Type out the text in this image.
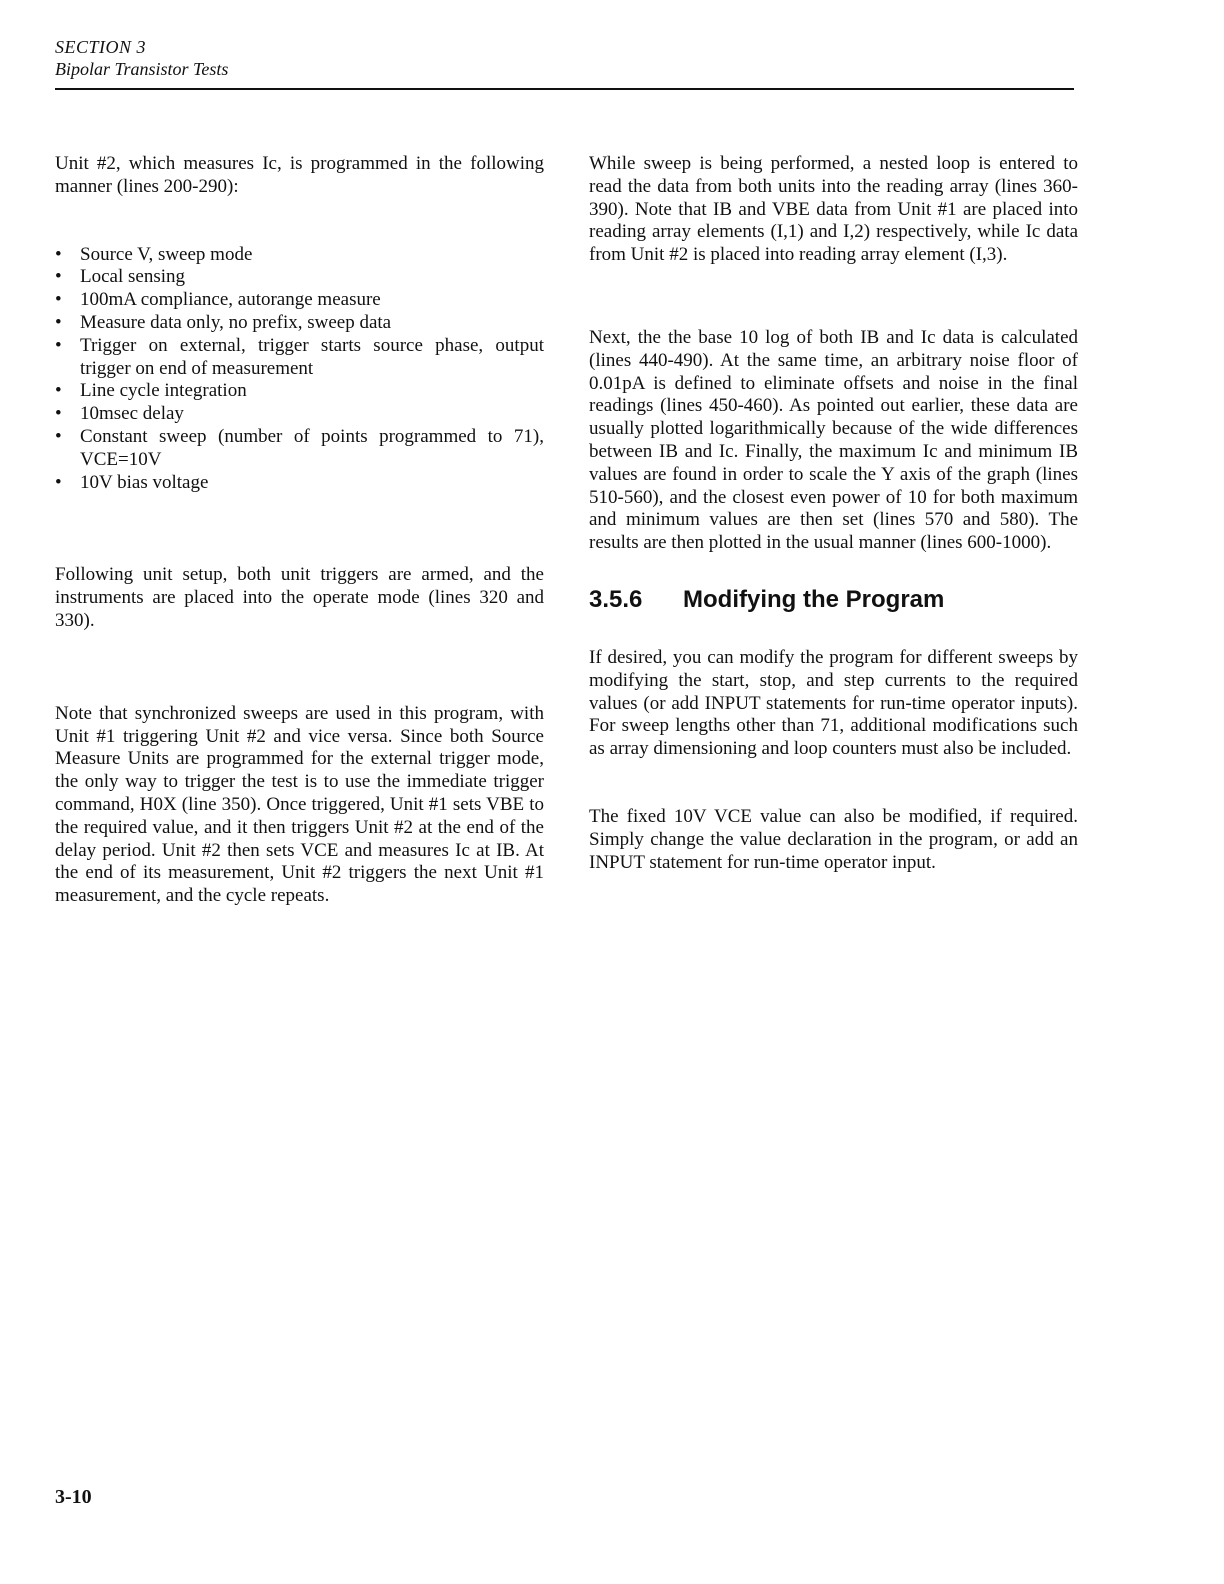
SECTION 3
Bipolar Transistor Tests

Unit #2, which measures Ic, is programmed in the following manner (lines 200-290):

• Source V, sweep mode
• Local sensing
• 100mA compliance, autorange measure
• Measure data only, no prefix, sweep data
• Trigger on external, trigger starts source phase, output trigger on end of measurement
• Line cycle integration
• 10msec delay
• Constant sweep (number of points programmed to 71), VCE=10V
• 10V bias voltage

Following unit setup, both unit triggers are armed, and the instruments are placed into the operate mode (lines 320 and 330).

Note that synchronized sweeps are used in this program, with Unit #1 triggering Unit #2 and vice versa. Since both Source Measure Units are programmed for the external trigger mode, the only way to trigger the test is to use the immediate trigger command, H0X (line 350). Once triggered, Unit #1 sets VBE to the required value, and it then triggers Unit #2 at the end of the delay period. Unit #2 then sets VCE and measures Ic at IB. At the end of its measurement, Unit #2 triggers the next Unit #1 measurement, and the cycle repeats.

While sweep is being performed, a nested loop is entered to read the data from both units into the reading array (lines 360-390). Note that IB and VBE data from Unit #1 are placed into reading array elements (I,1) and I,2) respectively, while Ic data from Unit #2 is placed into reading array element (I,3).

Next, the the base 10 log of both IB and Ic data is calculated (lines 440-490). At the same time, an arbitrary noise floor of 0.01pA is defined to eliminate offsets and noise in the final readings (lines 450-460). As pointed out earlier, these data are usually plotted logarithmically because of the wide differences between IB and Ic. Finally, the maximum Ic and minimum IB values are found in order to scale the Y axis of the graph (lines 510-560), and the closest even power of 10 for both maximum and minimum values are then set (lines 570 and 580). The results are then plotted in the usual manner (lines 600-1000).

3.5.6 Modifying the Program

If desired, you can modify the program for different sweeps by modifying the start, stop, and step currents to the required values (or add INPUT statements for run-time operator inputs). For sweep lengths other than 71, additional modifications such as array dimensioning and loop counters must also be included.

The fixed 10V VCE value can also be modified, if required. Simply change the value declaration in the program, or add an INPUT statement for run-time operator input.

3-10
